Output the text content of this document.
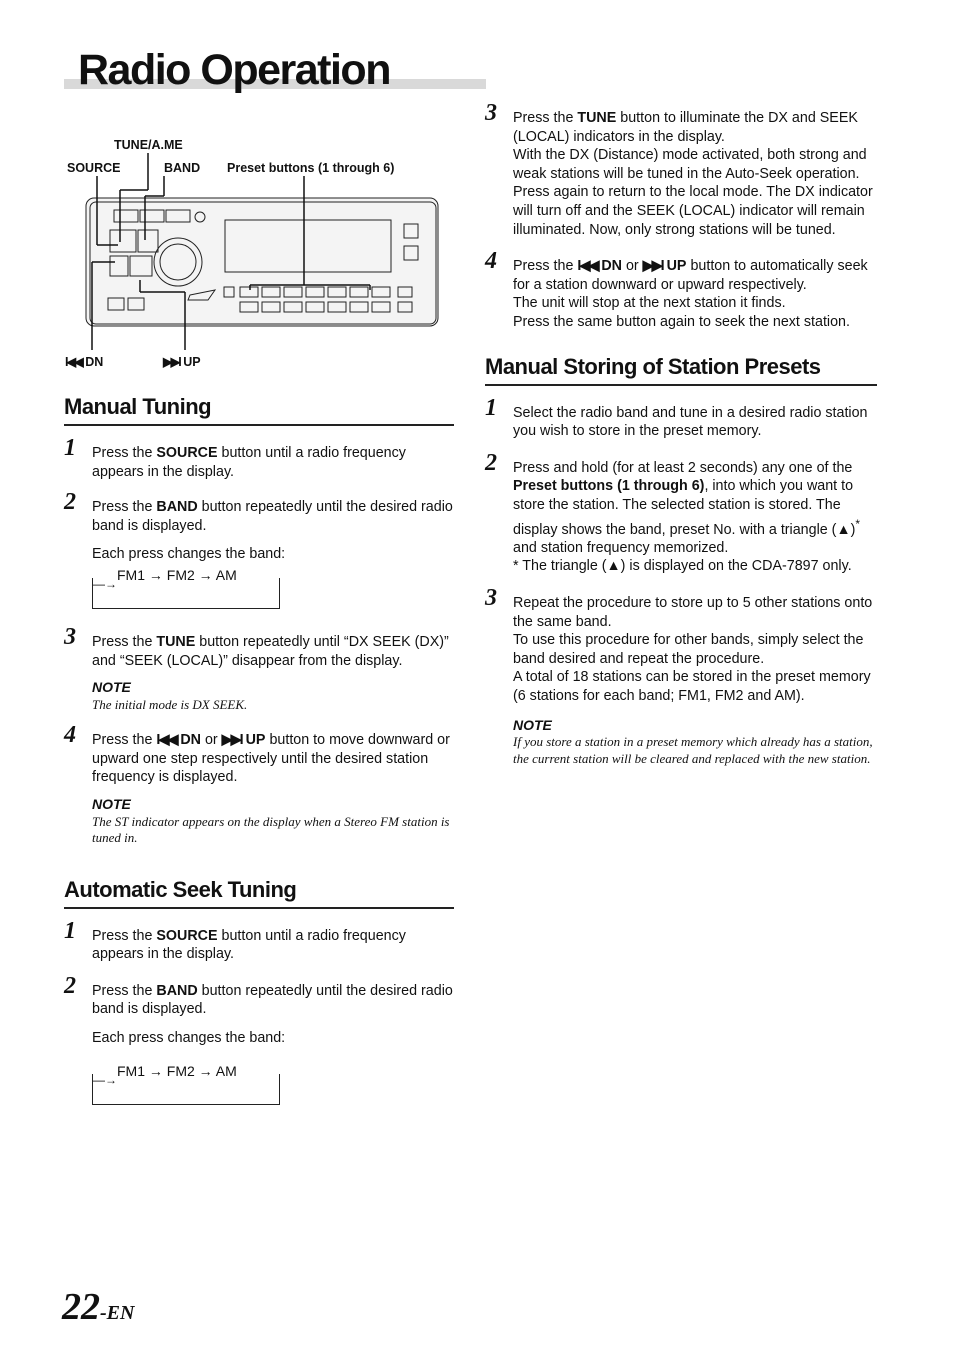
Radio Operation
TUNE/A.ME
SOURCE	BAND Preset buttons (1 through 6)
I◀◀ DN	▶▶I UP
Manual Tuning
1 Press the SOURCE button until a radio frequency appears in the display.
2 Press the BAND button repeatedly until the desired radio band is displayed.
Each press changes the band:
—→
FM1 → FM2 → AM
3 Press the TUNE button repeatedly until “DX SEEK (DX)” and “SEEK (LOCAL)” disappear from the display.
NOTE
The initial mode is DX SEEK.
4 Press the I◀◀ DN or ▶▶I UP button to move downward or upward one step respectively until the desired station frequency is displayed.
NOTE
The ST indicator appears on the display when a Stereo FM station is tuned in.
Automatic Seek Tuning
1 Press the SOURCE button until a radio frequency appears in the display.
2 Press the BAND button repeatedly until the desired radio band is displayed.
Each press changes the band:
—→
FM1 → FM2 → AM
3 Press the TUNE button to illuminate the DX and SEEK (LOCAL) indicators in the display.
With the DX (Distance) mode activated, both strong and weak stations will be tuned in the Auto-Seek operation.
Press again to return to the local mode. The DX indicator will turn off and the SEEK (LOCAL) indicator will remain illuminated. Now, only strong stations will be tuned.
4 Press the I◀◀ DN or ▶▶I UP button to automatically seek for a station downward or upward respectively.
The unit will stop at the next station it finds.
Press the same button again to seek the next station.
Manual Storing of Station Presets
1 Select the radio band and tune in a desired radio station you wish to store in the preset memory.
2 Press and hold (for at least 2 seconds) any one of the Preset buttons (1 through 6), into which you want to store the station. The selected station is stored. The display shows the band, preset No. with a triangle (▲)* and station frequency memorized.
* The triangle (▲) is displayed on the CDA-7897 only.
3 Repeat the procedure to store up to 5 other stations onto the same band.
To use this procedure for other bands, simply select the band desired and repeat the procedure.
A total of 18 stations can be stored in the preset memory (6 stations for each band; FM1, FM2 and AM).
NOTE
If you store a station in a preset memory which already has a station, the current station will be cleared and replaced with the new station.
22-EN
